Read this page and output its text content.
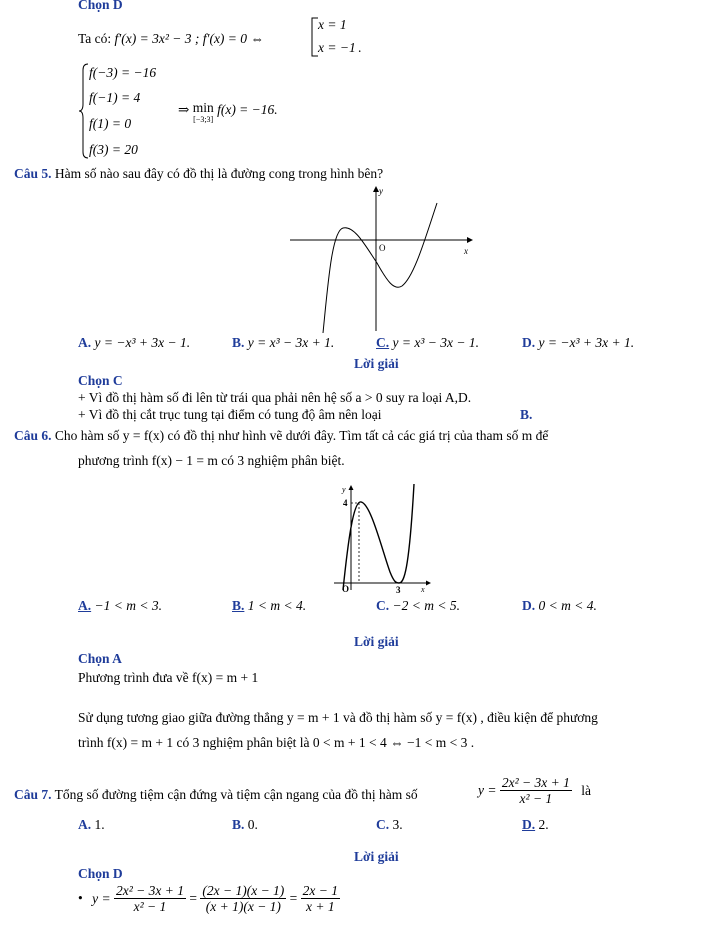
Chọn D
Ta có: f′(x) = 3x² − 3 ; f′(x) = 0 ⇔
x = 1
x = −1 .
f(−3) = −16
f(−1) = 4
f(1) = 0
f(3) = 20
⇒ min
[−3;3]
f(x) = −16.
Câu 5. Hàm số nào sau đây có đồ thị là đường cong trong hình bên?
y
x
O
A. y = −x³ + 3x − 1.	B. y = x³ − 3x + 1.	C. y = x³ − 3x − 1.	D. y = −x³ + 3x + 1.
Lời giải
Chọn C
+ Vì đồ thị hàm số đi lên từ trái qua phải nên hệ số a > 0 suy ra loại A,D.
+ Vì đồ thị cắt trục tung tại điểm có tung độ âm nên loại	B.
Câu 6. Cho hàm số y = f(x) có đồ thị như hình vẽ dưới đây. Tìm tất cả các giá trị của tham số m để
phương trình f(x) − 1 = m có 3 nghiệm phân biệt.
y
4
O	3	x
A. −1 < m < 3.	B. 1 < m < 4.	C. −2 < m < 5.	D. 0 < m < 4.
Lời giải
Chọn A
Phương trình đưa về f(x) = m + 1
Sử dụng tương giao giữa đường thẳng y = m + 1 và đồ thị hàm số y = f(x) , điều kiện để phương
trình f(x) = m + 1 có 3 nghiệm phân biệt là 0 < m + 1 < 4 ⇔ −1 < m < 3 .
Câu 7. Tổng số đường tiệm cận đứng và tiệm cận ngang của đồ thị hàm số	$y = \frac{\text{2x² − 3x + 1}}{\text{x² − 1}}$ là
A. 1.	B. 0.	C. 3.	D. 2.
Lời giải
Chọn D
• $y = \frac{\text{2x² − 3x + 1}}{\text{x² − 1}} = \frac{(2x - 1)(x - 1)}{(x + 1)(x - 1)} = \frac{2x - 1}{x + 1}$
